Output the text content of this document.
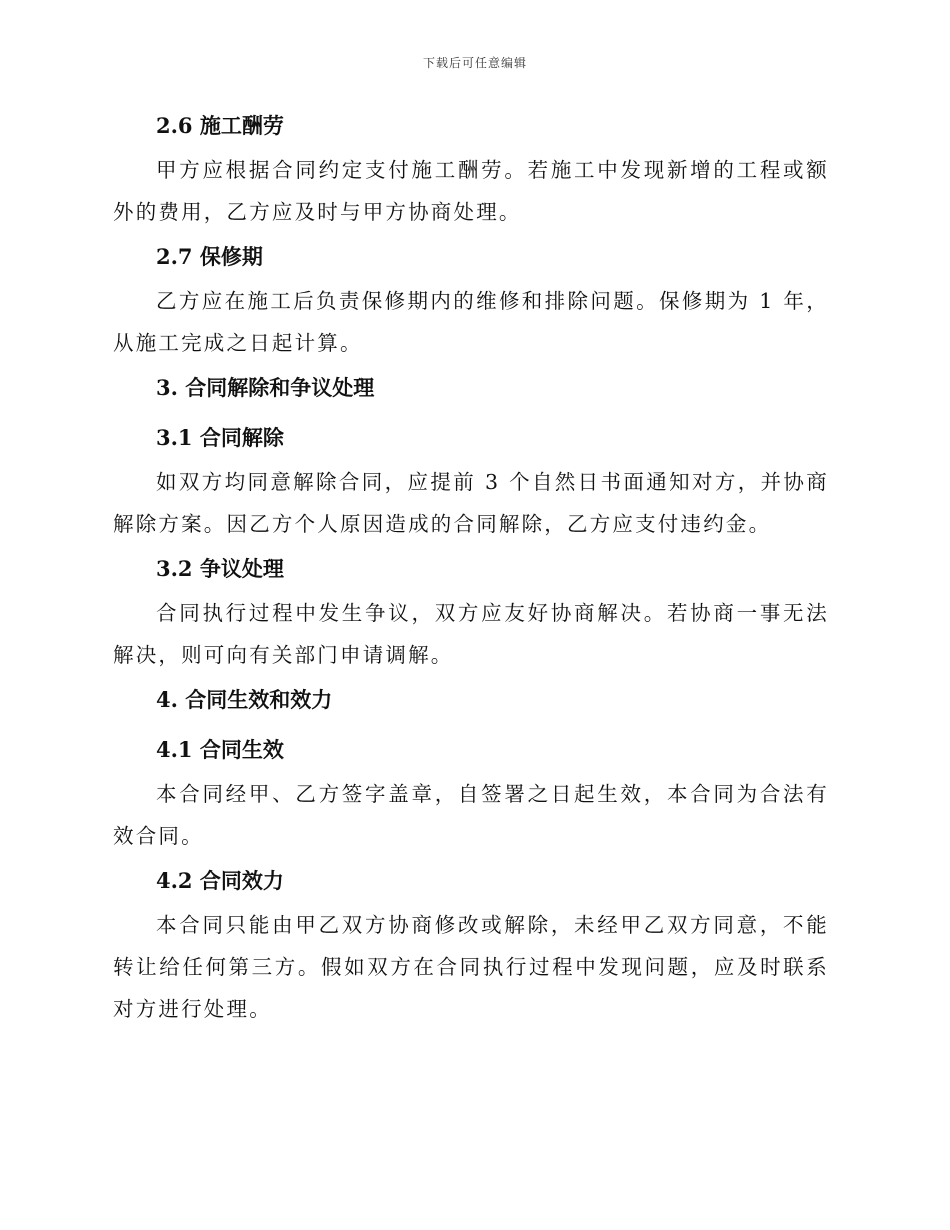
下载后可任意编辑
2.6 施工酬劳
甲方应根据合同约定支付施工酬劳。若施工中发现新增的工程或额外的费用，乙方应及时与甲方协商处理。
2.7 保修期
乙方应在施工后负责保修期内的维修和排除问题。保修期为 1 年，从施工完成之日起计算。
3. 合同解除和争议处理
3.1 合同解除
如双方均同意解除合同，应提前 3 个自然日书面通知对方，并协商解除方案。因乙方个人原因造成的合同解除，乙方应支付违约金。
3.2 争议处理
合同执行过程中发生争议，双方应友好协商解决。若协商一事无法解决，则可向有关部门申请调解。
4. 合同生效和效力
4.1 合同生效
本合同经甲、乙方签字盖章，自签署之日起生效，本合同为合法有效合同。
4.2 合同效力
本合同只能由甲乙双方协商修改或解除，未经甲乙双方同意，不能转让给任何第三方。假如双方在合同执行过程中发现问题，应及时联系对方进行处理。
